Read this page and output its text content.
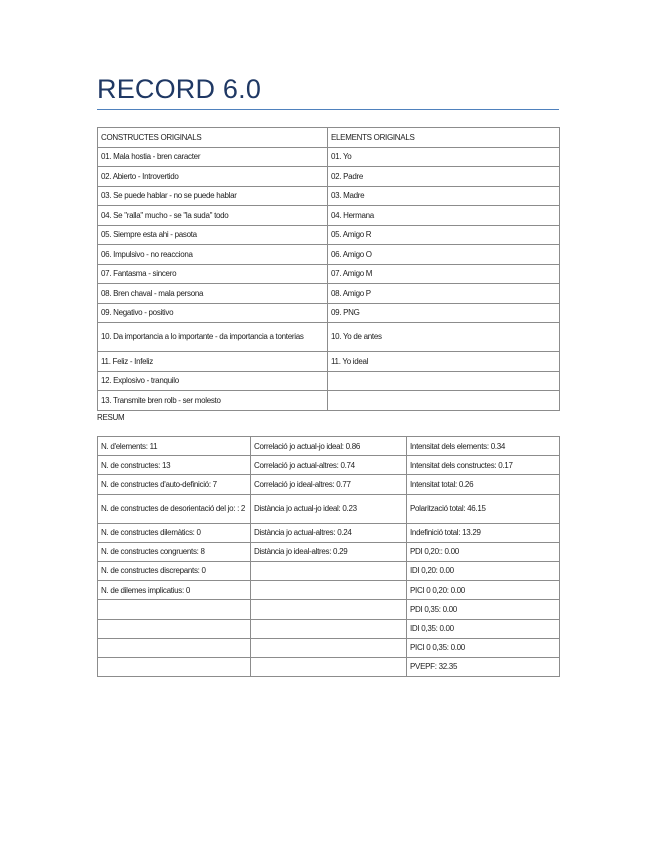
RECORD 6.0
CONSTRUCTES ORIGINALS	ELEMENTS ORIGINALS
01. Mala hostia - bren caracter	01. Yo
02. Abierto - Introvertido	02. Padre
03. Se puede hablar - no se puede hablar	03. Madre
04. Se "ralla" mucho - se "la suda" todo	04. Hermana
05. Siempre esta ahi - pasota	05. Amigo R
06. Impulsivo - no reacciona	06. Amigo O
07. Fantasma - sincero	07. Amigo M
08. Bren chaval - mala persona	08. Amigo P
09. Negativo - positivo	09. PNG
10. Da importancia a lo importante - da importancia a tonterias	10. Yo de antes
11. Feliz - Infeliz	11. Yo ideal
12. Explosivo - tranquilo	
13. Transmite bren rolb - ser molesto	

RESUM

N. d'elements: 11	Correlació jo actual-jo ideal: 0.86	Intensitat dels elements: 0.34
N. de constructes: 13	Correlació jo actual-altres: 0.74	Intensitat dels constructes: 0.17
N. de constructes d'auto-definició: 7	Correlació jo ideal-altres: 0.77	Intensitat total: 0.26
N. de constructes de desorientació del jo: : 2	Distància jo actual-jo ideal: 0.23	Polarització total: 46.15
N. de constructes dilemàtics: 0	Distància jo actual-altres: 0.24	Indefinició total: 13.29
N. de constructes congruents: 8	Distància jo ideal-altres: 0.29	PDI 0,20:: 0.00
N. de constructes discrepants: 0		IDI 0,20: 0.00
N. de dilemes implicatius: 0		PICI 0 0,20: 0.00
		PDI 0,35: 0.00
		IDI 0,35: 0.00
		PICI 0 0,35: 0.00
		PVEPF: 32.35
